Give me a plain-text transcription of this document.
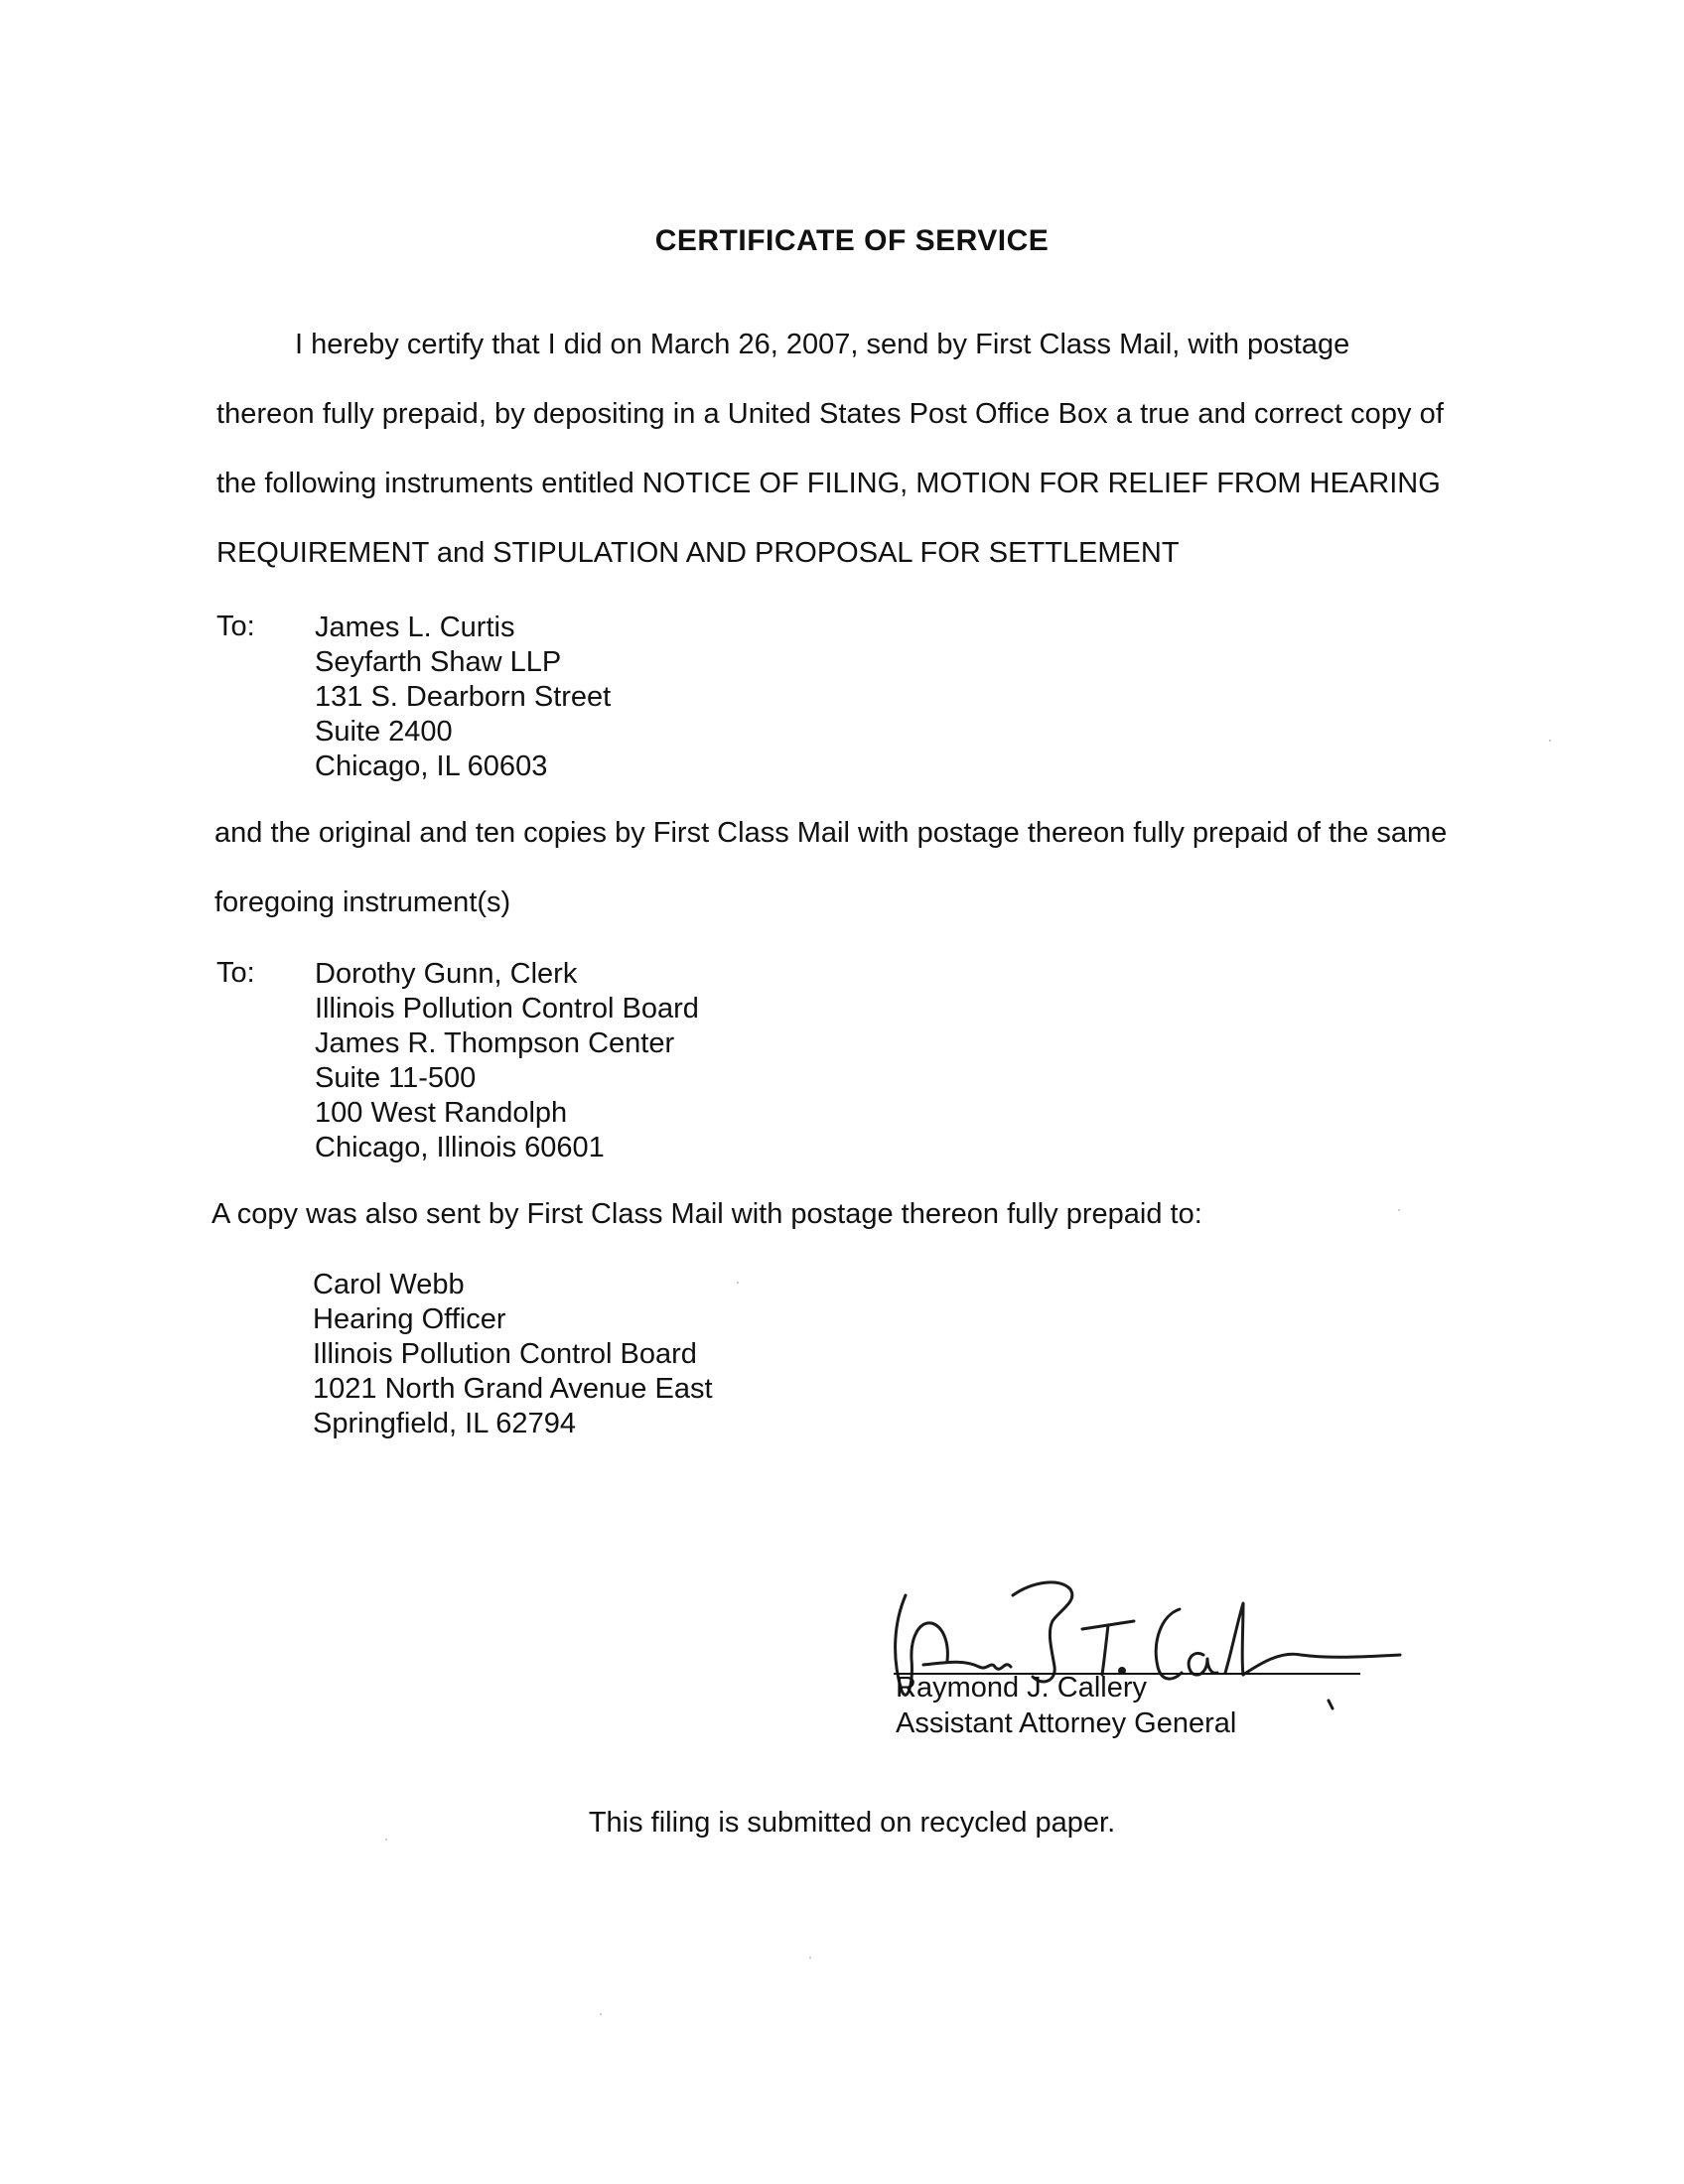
CERTIFICATE OF SERVICE
I hereby certify that I did on March 26, 2007, send by First Class Mail, with postage
thereon fully prepaid, by depositing in a United States Post Office Box a true and correct copy of
the following instruments entitled NOTICE OF FILING, MOTION FOR RELIEF FROM HEARING
REQUIREMENT and STIPULATION AND PROPOSAL FOR SETTLEMENT
To: James L. Curtis
Seyfarth Shaw LLP
131 S. Dearborn Street
Suite 2400
Chicago, IL 60603
and the original and ten copies by First Class Mail with postage thereon fully prepaid of the same
foregoing instrument(s)
To: Dorothy Gunn, Clerk
Illinois Pollution Control Board
James R. Thompson Center
Suite 11-500
100 West Randolph
Chicago, Illinois 60601
A copy was also sent by First Class Mail with postage thereon fully prepaid to:
Carol Webb
Hearing Officer
Illinois Pollution Control Board
1021 North Grand Avenue East
Springfield, IL 62794
Raymond J. Callery
Assistant Attorney General
This filing is submitted on recycled paper.
